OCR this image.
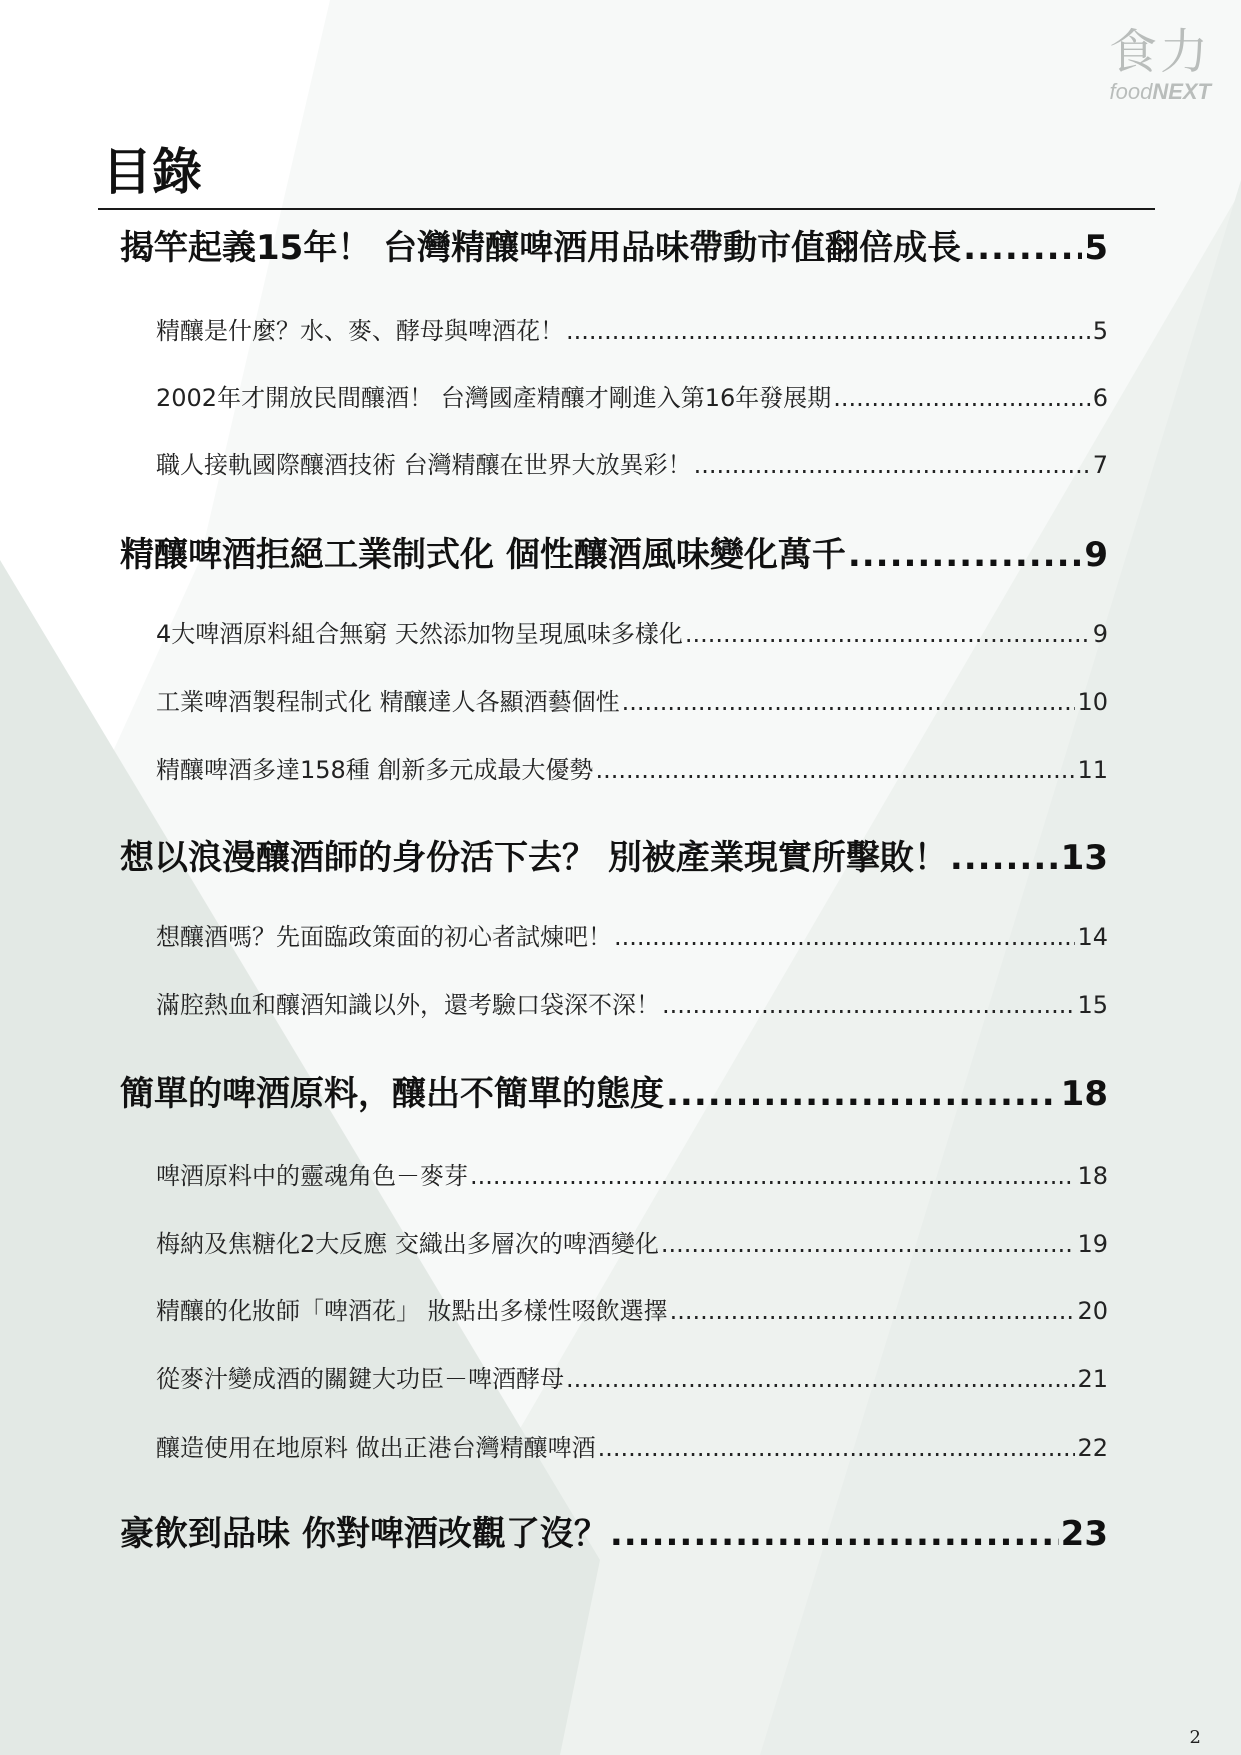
食力
foodNEXT
目錄
揭竿起義15年！ 台灣精釀啤酒用品味帶動市值翻倍成長 .....	5
精釀是什麼？水、麥、酵母與啤酒花！ .....	5
2002年才開放民間釀酒！ 台灣國產精釀才剛進入第16年發展期 .....	6
職人接軌國際釀酒技術 台灣精釀在世界大放異彩！ .....	7
精釀啤酒拒絕工業制式化 個性釀酒風味變化萬千 .....	9
4大啤酒原料組合無窮 天然添加物呈現風味多樣化 .....	9
工業啤酒製程制式化 精釀達人各顯酒藝個性 .....	10
精釀啤酒多達158種 創新多元成最大優勢 .....	11
想以浪漫釀酒師的身份活下去？ 別被產業現實所擊敗！ .....	13
想釀酒嗎？先面臨政策面的初心者試煉吧！ .....	14
滿腔熱血和釀酒知識以外，還考驗口袋深不深！ .....	15
簡單的啤酒原料，釀出不簡單的態度 .....	18
啤酒原料中的靈魂角色－麥芽 .....	18
梅納及焦糖化2大反應 交織出多層次的啤酒變化 .....	19
精釀的化妝師「啤酒花」 妝點出多樣性啜飲選擇 .....	20
從麥汁變成酒的關鍵大功臣－啤酒酵母 .....	21
釀造使用在地原料 做出正港台灣精釀啤酒 .....	22
豪飲到品味 你對啤酒改觀了沒？ .....	23
2
